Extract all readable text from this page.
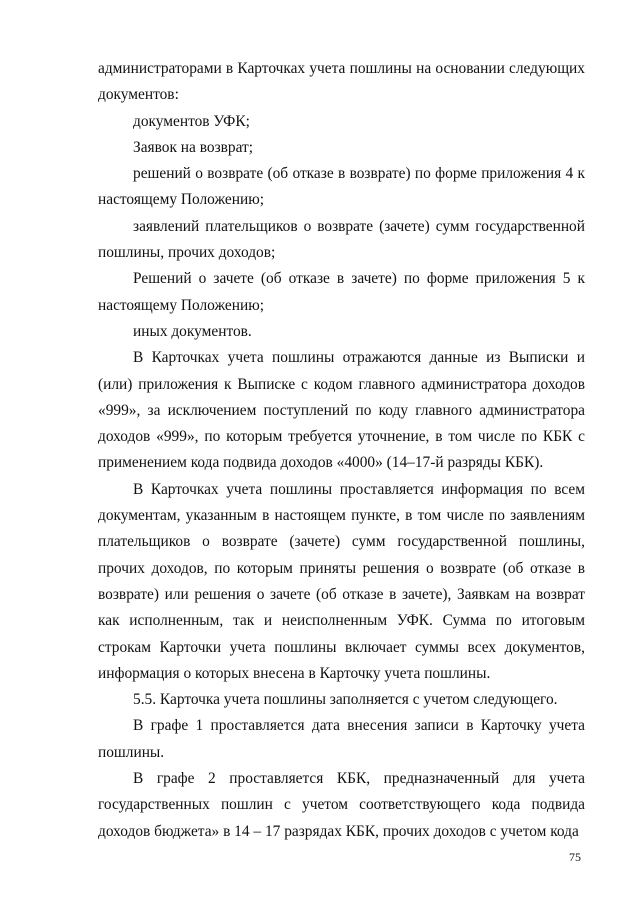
администраторами в Карточках учета пошлины на основании следующих документов:

документов УФК;

Заявок на возврат;

решений о возврате (об отказе в возврате) по форме приложения 4 к настоящему Положению;

заявлений плательщиков о возврате (зачете) сумм государственной пошлины, прочих доходов;

Решений о зачете (об отказе в зачете) по форме приложения 5 к настоящему Положению;

иных документов.

В Карточках учета пошлины отражаются данные из Выписки и (или) приложения к Выписке с кодом главного администратора доходов «999», за исключением поступлений по коду главного администратора доходов «999», по которым требуется уточнение, в том числе по КБК с применением кода подвида доходов «4000» (14–17-й разряды КБК).

В Карточках учета пошлины проставляется информация по всем документам, указанным в настоящем пункте, в том числе по заявлениям плательщиков о возврате (зачете) сумм государственной пошлины, прочих доходов, по которым приняты решения о возврате (об отказе в возврате) или решения о зачете (об отказе в зачете), Заявкам на возврат как исполненным, так и неисполненным УФК. Сумма по итоговым строкам Карточки учета пошлины включает суммы всех документов, информация о которых внесена в Карточку учета пошлины.

5.5. Карточка учета пошлины заполняется с учетом следующего.

В графе 1 проставляется дата внесения записи в Карточку учета пошлины.

В графе 2 проставляется КБК, предназначенный для учета государственных пошлин с учетом соответствующего кода подвида доходов бюджета» в 14 – 17 разрядах КБК, прочих доходов с учетом кода

75
